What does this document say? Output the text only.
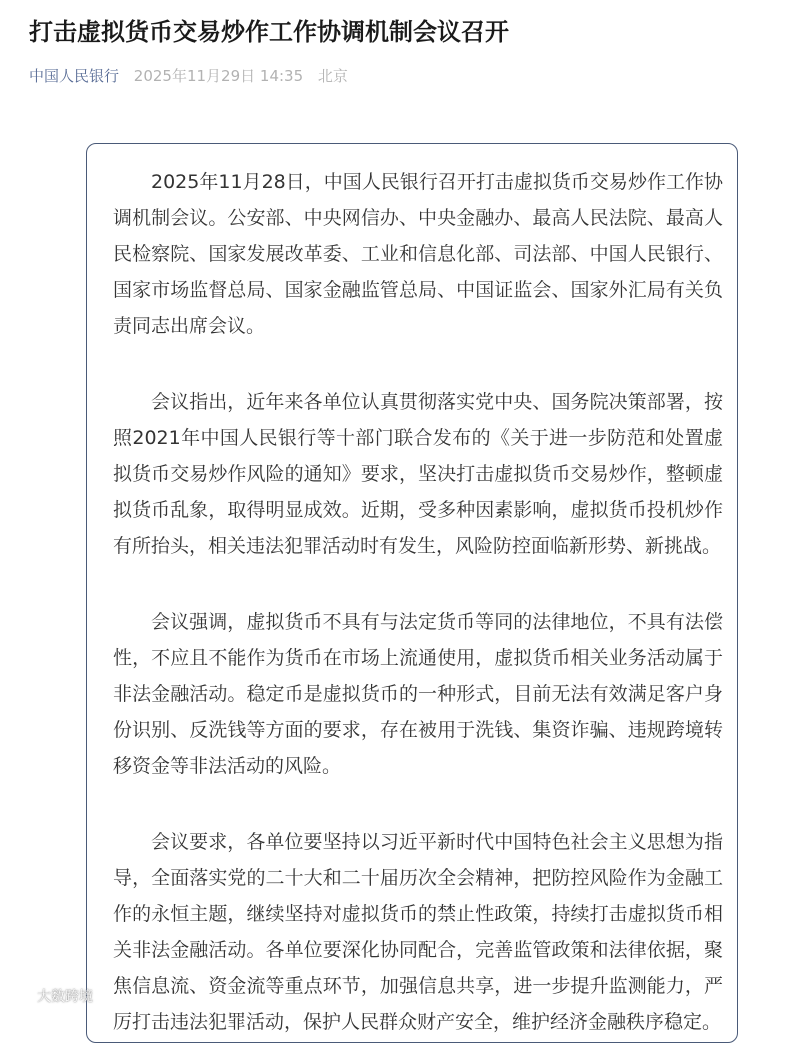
打击虚拟货币交易炒作工作协调机制会议召开
中国人民银行 2025年11月29日 14:35 北京

2025年11月28日，中国人民银行召开打击虚拟货币交易炒作工作协调机制会议。公安部、中央网信办、中央金融办、最高人民法院、最高人民检察院、国家发展改革委、工业和信息化部、司法部、中国人民银行、国家市场监督总局、国家金融监管总局、中国证监会、国家外汇局有关负责同志出席会议。

会议指出，近年来各单位认真贯彻落实党中央、国务院决策部署，按照2021年中国人民银行等十部门联合发布的《关于进一步防范和处置虚拟货币交易炒作风险的通知》要求，坚决打击虚拟货币交易炒作，整顿虚拟货币乱象，取得明显成效。近期，受多种因素影响，虚拟货币投机炒作有所抬头，相关违法犯罪活动时有发生，风险防控面临新形势、新挑战。

会议强调，虚拟货币不具有与法定货币等同的法律地位，不具有法偿性，不应且不能作为货币在市场上流通使用，虚拟货币相关业务活动属于非法金融活动。稳定币是虚拟货币的一种形式，目前无法有效满足客户身份识别、反洗钱等方面的要求，存在被用于洗钱、集资诈骗、违规跨境转移资金等非法活动的风险。

会议要求，各单位要坚持以习近平新时代中国特色社会主义思想为指导，全面落实党的二十大和二十届历次全会精神，把防控风险作为金融工作的永恒主题，继续坚持对虚拟货币的禁止性政策，持续打击虚拟货币相关非法金融活动。各单位要深化协同配合，完善监管政策和法律依据，聚焦信息流、资金流等重点环节，加强信息共享，进一步提升监测能力，严厉打击违法犯罪活动，保护人民群众财产安全，维护经济金融秩序稳定。

大数跨境
